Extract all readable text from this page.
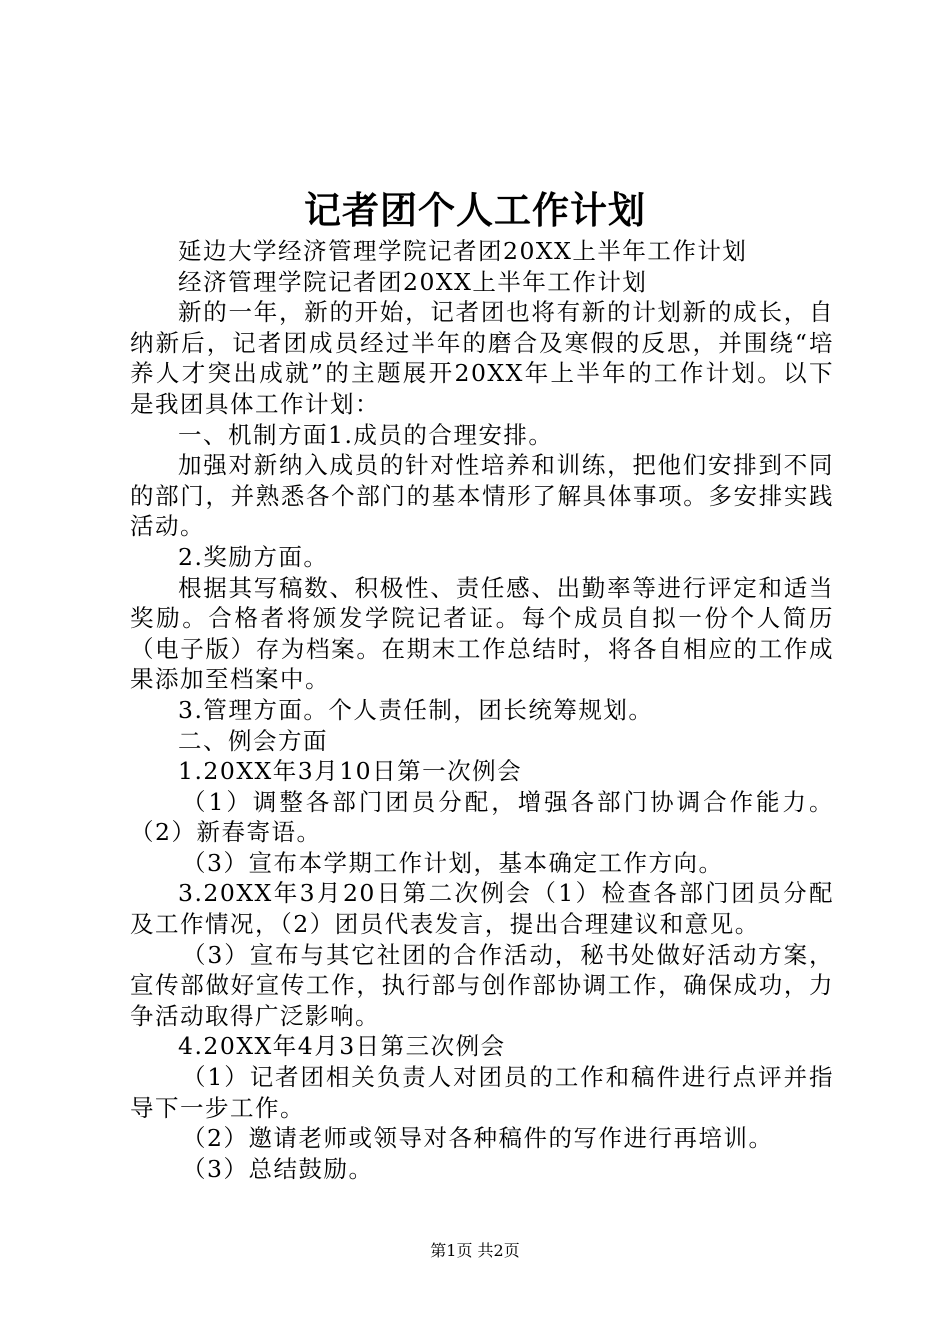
记者团个人工作计划

延边大学经济管理学院记者团20XX上半年工作计划

经济管理学院记者团20XX上半年工作计划

新的一年，新的开始，记者团也将有新的计划新的成长，自纳新后，记者团成员经过半年的磨合及寒假的反思，并围绕“培养人才突出成就”的主题展开20XX年上半年的工作计划。以下是我团具体工作计划：

一、机制方面1.成员的合理安排。

加强对新纳入成员的针对性培养和训练，把他们安排到不同的部门，并熟悉各个部门的基本情形了解具体事项。多安排实践活动。

2.奖励方面。

根据其写稿数、积极性、责任感、出勤率等进行评定和适当奖励。合格者将颁发学院记者证。每个成员自拟一份个人简历（电子版）存为档案。在期末工作总结时，将各自相应的工作成果添加至档案中。

3.管理方面。个人责任制，团长统筹规划。

二、例会方面

1.20XX年3月10日第一次例会

（1）调整各部门团员分配，增强各部门协调合作能力。（2）新春寄语。

（3）宣布本学期工作计划，基本确定工作方向。

3.20XX年3月20日第二次例会（1）检查各部门团员分配及工作情况，（2）团员代表发言，提出合理建议和意见。

（3）宣布与其它社团的合作活动，秘书处做好活动方案，宣传部做好宣传工作，执行部与创作部协调工作，确保成功，力争活动取得广泛影响。

4.20XX年4月3日第三次例会

（1）记者团相关负责人对团员的工作和稿件进行点评并指导下一步工作。

（2）邀请老师或领导对各种稿件的写作进行再培训。

（3）总结鼓励。

第1页 共2页
